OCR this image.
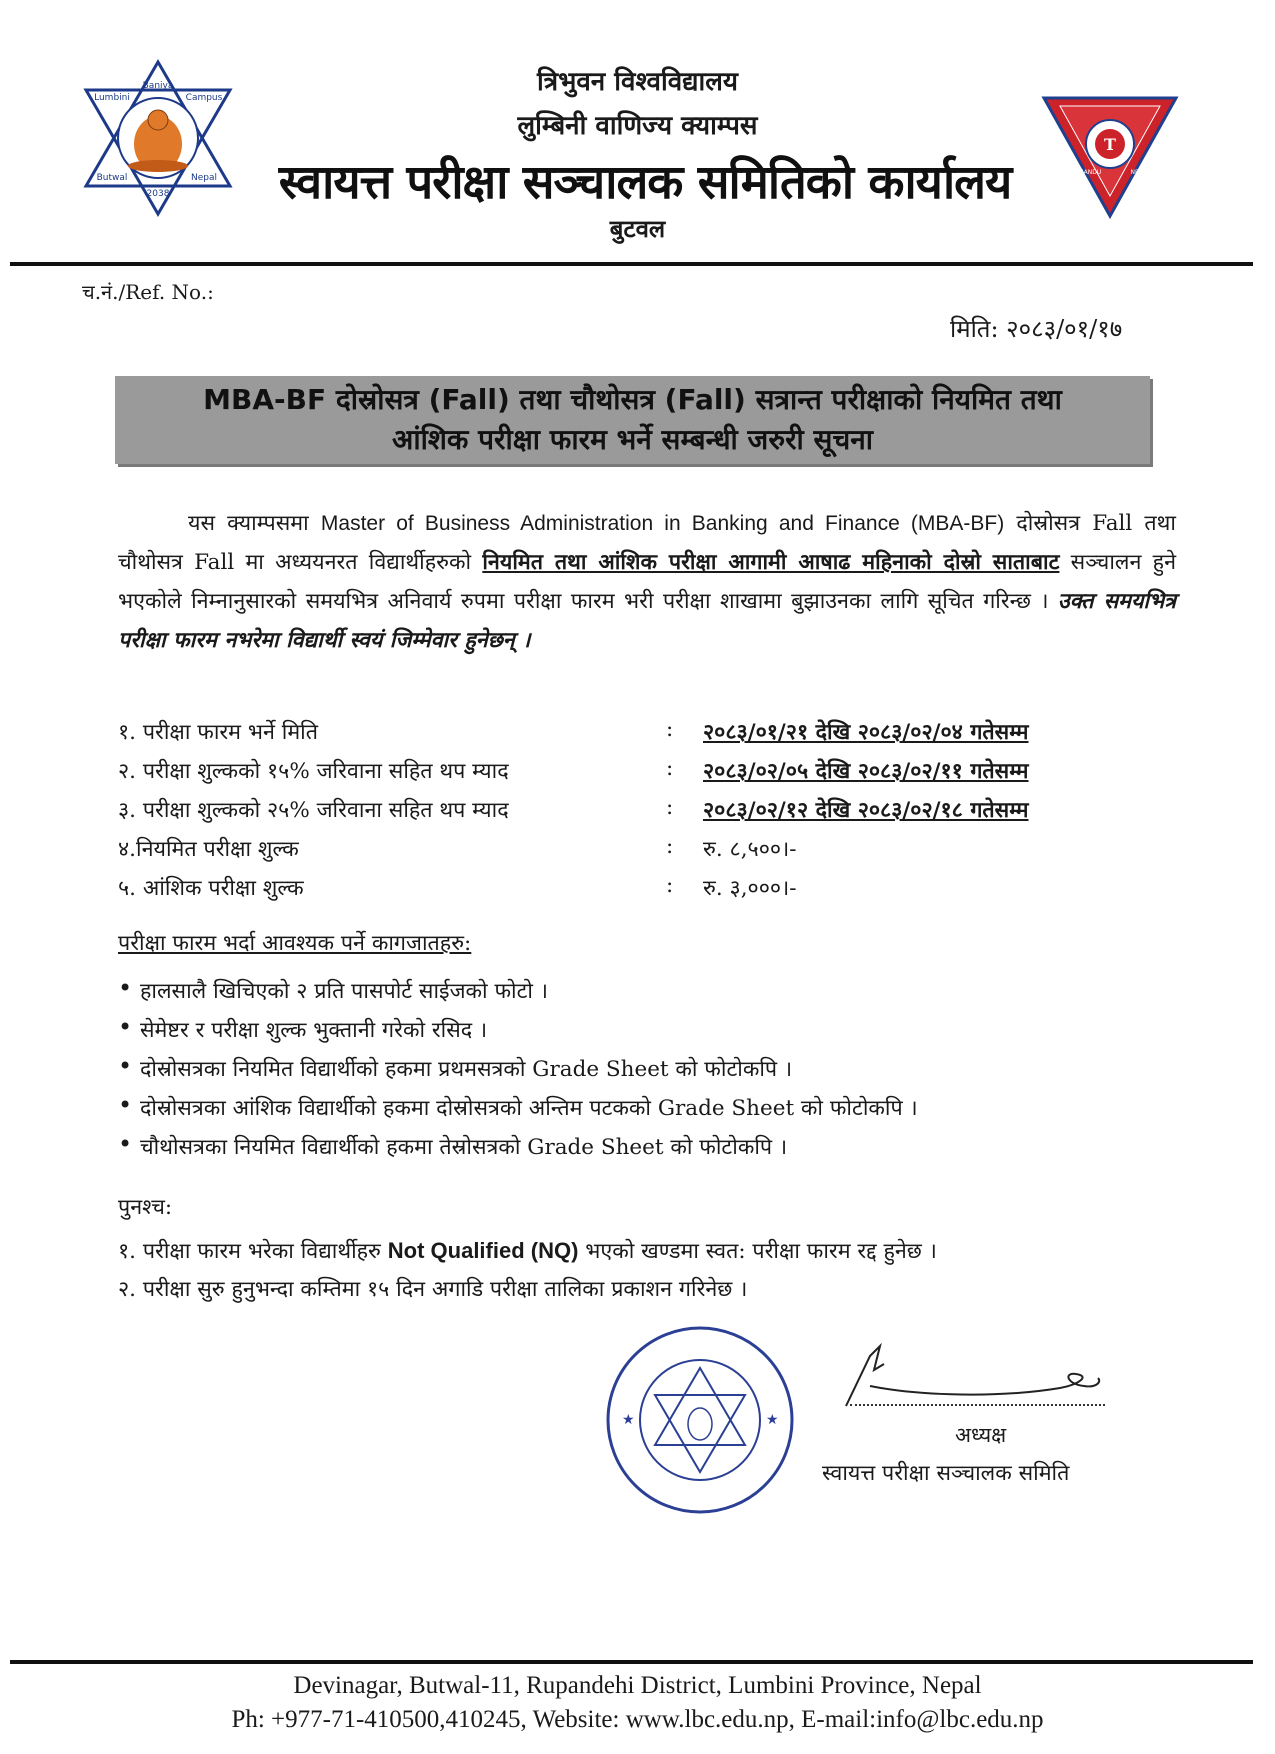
Baniya
Lumbini	Campus
Butwal	Nepal
2038
T
KATHMANDU	NEPAL
त्रिभुवन विश्वविद्यालय
लुम्बिनी वाणिज्य क्याम्पस
स्वायत्त परीक्षा सञ्चालक समितिको कार्यालय
बुटवल
च.नं./Ref. No.:
मिति: २०८३/०१/१७
MBA-BF दोस्रोसत्र (Fall) तथा चौथोसत्र (Fall) सत्रान्त परीक्षाको नियमित तथा
आंशिक परीक्षा फारम भर्ने सम्बन्धी जरुरी सूचना
यस क्याम्पसमा Master of Business Administration in Banking and Finance (MBA-BF) दोस्रोसत्र Fall तथा चौथोसत्र Fall मा अध्ययनरत विद्यार्थीहरुको नियमित तथा आंशिक परीक्षा आगामी आषाढ महिनाको दोस्रो साताबाट सञ्चालन हुने भएकोले निम्नानुसारको समयभित्र अनिवार्य रुपमा परीक्षा फारम भरी परीक्षा शाखामा बुझाउनका लागि सूचित गरिन्छ । उक्त समयभित्र परीक्षा फारम नभरेमा विद्यार्थी स्वयं जिम्मेवार हुनेछन् ।
१. परीक्षा फारम भर्ने मिति	: २०८३/०१/२१ देखि २०८३/०२/०४ गतेसम्म
२. परीक्षा शुल्कको १५% जरिवाना सहित थप म्याद	: २०८३/०२/०५ देखि २०८३/०२/११ गतेसम्म
३. परीक्षा शुल्कको २५% जरिवाना सहित थप म्याद	: २०८३/०२/१२ देखि २०८३/०२/१८ गतेसम्म
४.नियमित परीक्षा शुल्क	: रु. ८,५००।-
५. आंशिक परीक्षा शुल्क	: रु. ३,०००।-
परीक्षा फारम भर्दा आवश्यक पर्ने कागजातहरु:
• हालसालै खिचिएको २ प्रति पासपोर्ट साईजको फोटो ।
• सेमेष्टर र परीक्षा शुल्क भुक्तानी गरेको रसिद ।
• दोस्रोसत्रका नियमित विद्यार्थीको हकमा प्रथमसत्रको Grade Sheet को फोटोकपि ।
• दोस्रोसत्रका आंशिक विद्यार्थीको हकमा दोस्रोसत्रको अन्तिम पटकको Grade Sheet को फोटोकपि ।
• चौथोसत्रका नियमित विद्यार्थीको हकमा तेस्रोसत्रको Grade Sheet को फोटोकपि ।
पुनश्च:
१. परीक्षा फारम भरेका विद्यार्थीहरु Not Qualified (NQ) भएको खण्डमा स्वत: परीक्षा फारम रद्द हुनेछ ।
२. परीक्षा सुरु हुनुभन्दा कम्तिमा १५ दिन अगाडि परीक्षा तालिका प्रकाशन गरिनेछ ।
★	★
अध्यक्ष
स्वायत्त परीक्षा सञ्चालक समिति
Devinagar, Butwal-11, Rupandehi District, Lumbini Province, Nepal
Ph: +977-71-410500,410245, Website: www.lbc.edu.np, E-mail:info@lbc.edu.np
